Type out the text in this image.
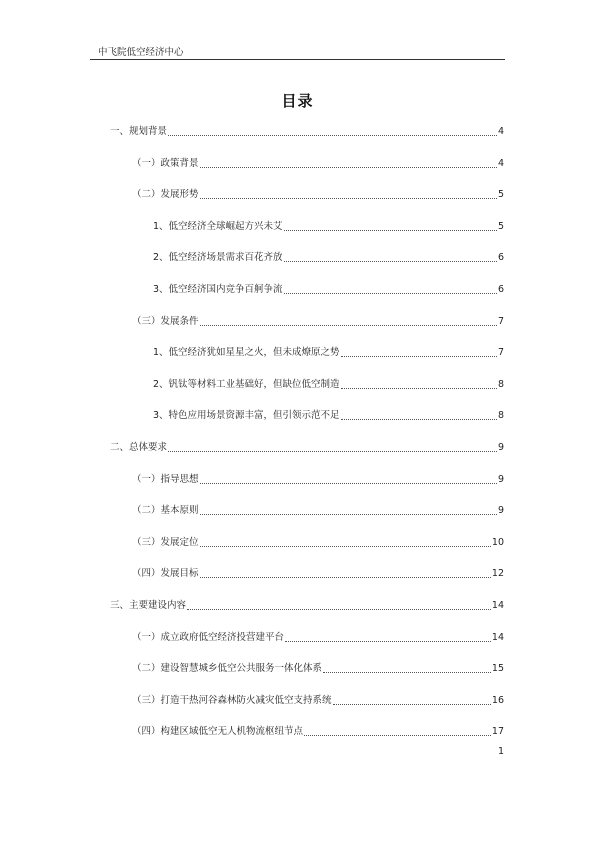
中飞院低空经济中心
目录
一、规划背景	4
（一）政策背景	4
（二）发展形势	5
1、低空经济全球崛起方兴未艾	5
2、低空经济场景需求百花齐放	6
3、低空经济国内竞争百舸争流	6
（三）发展条件	7
1、低空经济犹如星星之火，但未成燎原之势	7
2、钒钛等材料工业基础好，但缺位低空制造	8
3、特色应用场景资源丰富，但引领示范不足	8
二、总体要求	9
（一）指导思想	9
（二）基本原则	9
（三）发展定位	10
（四）发展目标	12
三、主要建设内容	14
（一）成立政府低空经济投营建平台	14
（二）建设智慧城乡低空公共服务一体化体系	15
（三）打造干热河谷森林防火减灾低空支持系统	16
（四）构建区域低空无人机物流枢纽节点	17
1
